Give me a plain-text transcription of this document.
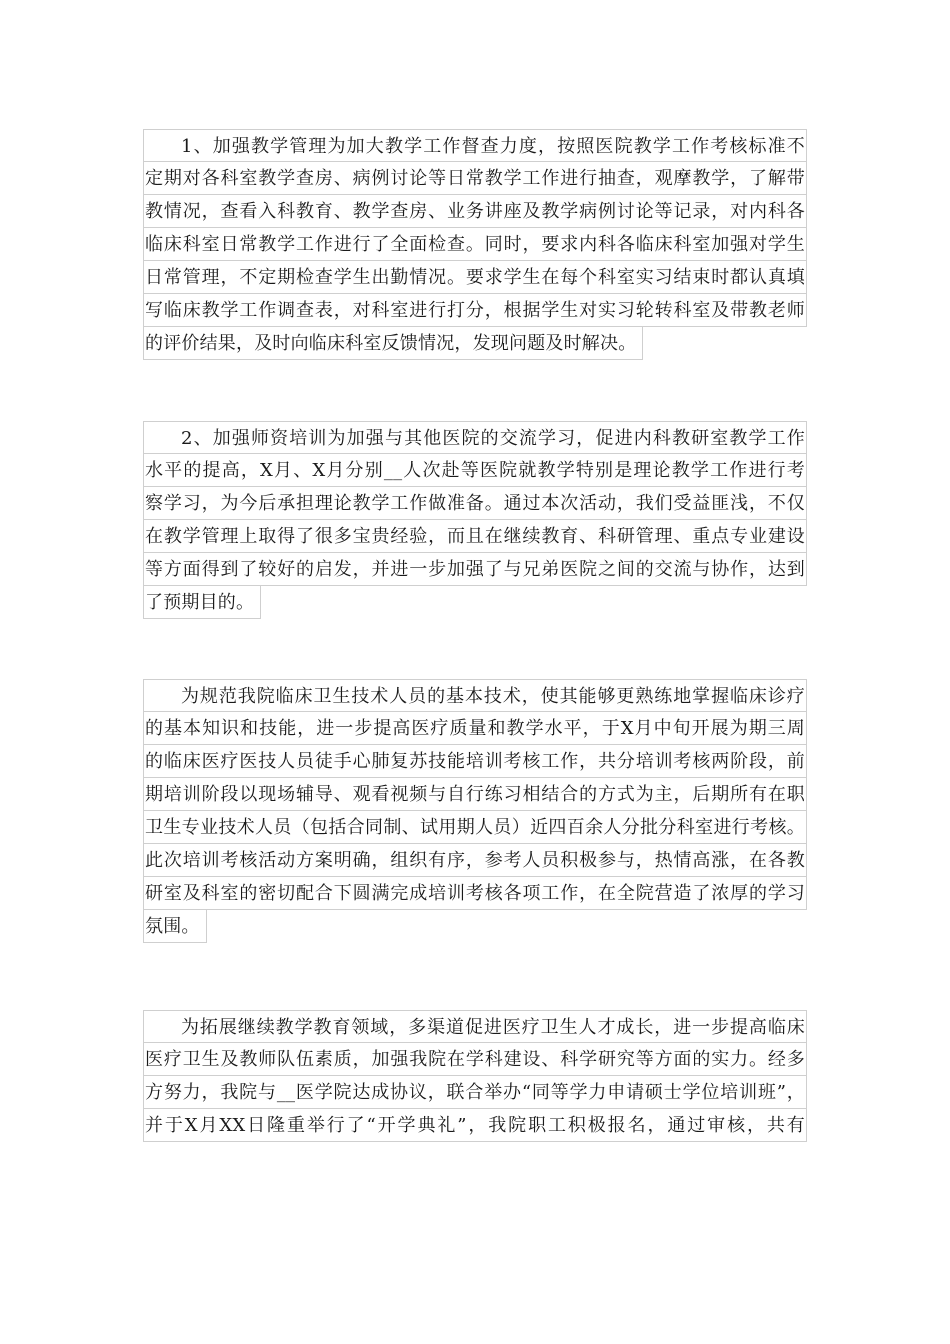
1、加强教学管理为加大教学工作督查力度，按照医院教学工作考核标准不
定期对各科室教学查房、病例讨论等日常教学工作进行抽查，观摩教学，了解带
教情况，查看入科教育、教学查房、业务讲座及教学病例讨论等记录，对内科各
临床科室日常教学工作进行了全面检查。同时，要求内科各临床科室加强对学生
日常管理，不定期检查学生出勤情况。要求学生在每个科室实习结束时都认真填
写临床教学工作调查表，对科室进行打分，根据学生对实习轮转科室及带教老师
的评价结果，及时向临床科室反馈情况，发现问题及时解决。
2、加强师资培训为加强与其他医院的交流学习，促进内科教研室教学工作
水平的提高，X月、X月分别__人次赴等医院就教学特别是理论教学工作进行考
察学习，为今后承担理论教学工作做准备。通过本次活动，我们受益匪浅，不仅
在教学管理上取得了很多宝贵经验，而且在继续教育、科研管理、重点专业建设
等方面得到了较好的启发，并进一步加强了与兄弟医院之间的交流与协作，达到
了预期目的。
为规范我院临床卫生技术人员的基本技术，使其能够更熟练地掌握临床诊疗
的基本知识和技能，进一步提高医疗质量和教学水平，于X月中旬开展为期三周
的临床医疗医技人员徒手心肺复苏技能培训考核工作，共分培训考核两阶段，前
期培训阶段以现场辅导、观看视频与自行练习相结合的方式为主，后期所有在职
卫生专业技术人员（包括合同制、试用期人员）近四百余人分批分科室进行考核。
此次培训考核活动方案明确，组织有序，参考人员积极参与，热情高涨，在各教
研室及科室的密切配合下圆满完成培训考核各项工作，在全院营造了浓厚的学习
氛围。
为拓展继续教学教育领域，多渠道促进医疗卫生人才成长，进一步提高临床
医疗卫生及教师队伍素质，加强我院在学科建设、科学研究等方面的实力。经多
方努力，我院与__医学院达成协议，联合举办“同等学力申请硕士学位培训班”，
并于X月XX日隆重举行了“开学典礼”，我院职工积极报名，通过审核，共有
